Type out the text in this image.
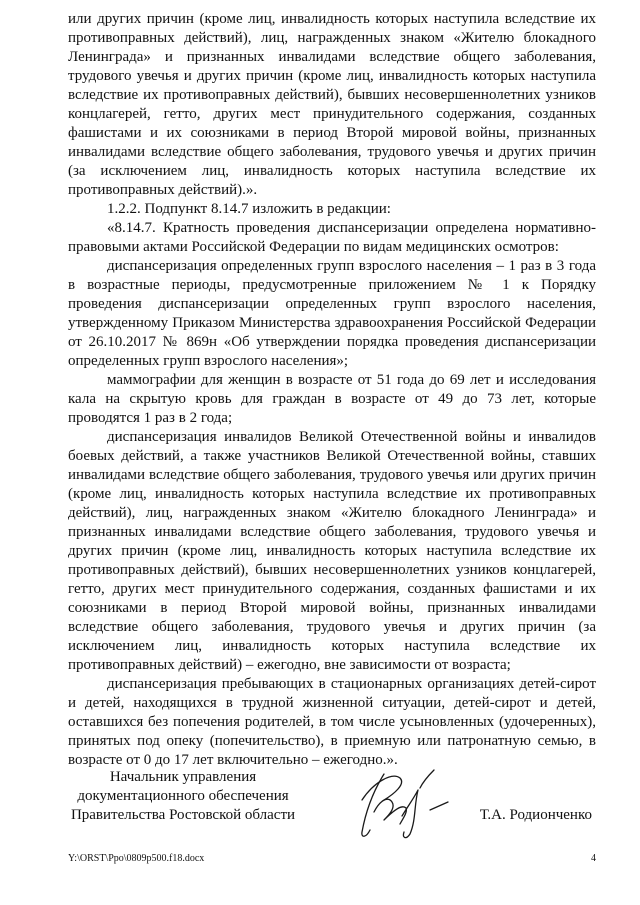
или других причин (кроме лиц, инвалидность которых наступила вследствие их противоправных действий), лиц, награжденных знаком «Жителю блокадного Ленинграда» и признанных инвалидами вследствие общего заболевания, трудового увечья и других причин (кроме лиц, инвалидность которых наступила вследствие их противоправных действий), бывших несовершеннолетних узников концлагерей, гетто, других мест принудительного содержания, созданных фашистами и их союзниками в период Второй мировой войны, признанных инвалидами вследствие общего заболевания, трудового увечья и других причин (за исключением лиц, инвалидность которых наступила вследствие их противоправных действий).».

1.2.2. Подпункт 8.14.7 изложить в редакции:

«8.14.7. Кратность проведения диспансеризации определена нормативно-правовыми актами Российской Федерации по видам медицинских осмотров:

диспансеризация определенных групп взрослого населения – 1 раз в 3 года в возрастные периоды, предусмотренные приложением № 1 к Порядку проведения диспансеризации определенных групп взрослого населения, утвержденному Приказом Министерства здравоохранения Российской Федерации от 26.10.2017 № 869н «Об утверждении порядка проведения диспансеризации определенных групп взрослого населения»;

маммографии для женщин в возрасте от 51 года до 69 лет и исследования кала на скрытую кровь для граждан в возрасте от 49 до 73 лет, которые проводятся 1 раз в 2 года;

диспансеризация инвалидов Великой Отечественной войны и инвалидов боевых действий, а также участников Великой Отечественной войны, ставших инвалидами вследствие общего заболевания, трудового увечья или других причин (кроме лиц, инвалидность которых наступила вследствие их противоправных действий), лиц, награжденных знаком «Жителю блокадного Ленинграда» и признанных инвалидами вследствие общего заболевания, трудового увечья и других причин (кроме лиц, инвалидность которых наступила вследствие их противоправных действий), бывших несовершеннолетних узников концлагерей, гетто, других мест принудительного содержания, созданных фашистами и их союзниками в период Второй мировой войны, признанных инвалидами вследствие общего заболевания, трудового увечья и других причин (за исключением лиц, инвалидность которых наступила вследствие их противоправных действий) – ежегодно, вне зависимости от возраста;

диспансеризация пребывающих в стационарных организациях детей-сирот и детей, находящихся в трудной жизненной ситуации, детей-сирот и детей, оставшихся без попечения родителей, в том числе усыновленных (удочеренных), принятых под опеку (попечительство), в приемную или патронатную семью, в возрасте от 0 до 17 лет включительно – ежегодно.».

Начальник управления
документационного обеспечения
Правительства Ростовской области	Т.А. Родионченко
Y:\ORST\Ppo\0809p500.f18.docx	4
